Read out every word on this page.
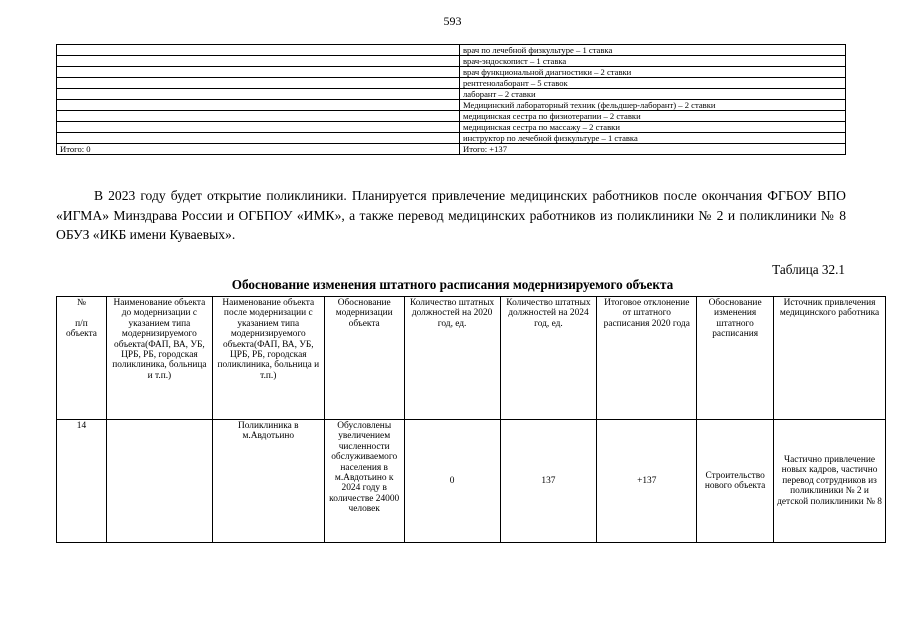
593
	врач по лечебной физкультуре – 1 ставка
	врач-эндоскопист – 1 ставка
	врач функциональной диагностики – 2 ставки
	рентгенолаборант – 5 ставок
	лаборант – 2 ставки
	Медицинский лабораторный техник (фельдшер-лаборант) – 2 ставки
	медицинская сестра по физиотерапии – 2 ставки
	медицинская сестра по массажу – 2 ставки
	инструктор по лечебной физкультуре – 1 ставка
Итого: 0	Итого: +137
В 2023 году будет открытие поликлиники. Планируется привлечение медицинских работников после окончания ФГБОУ ВПО «ИГМА» Минздрава России и ОГБПОУ «ИМК», а также перевод медицинских работников из поликлиники № 2 и поликлиники № 8 ОБУЗ «ИКБ имени Куваевых».
Таблица 32.1
Обоснование изменения штатного расписания модернизируемого объекта
№

п/п
объекта	Наименование объекта до модернизации с указанием типа модернизируемого объекта(ФАП, ВА, УБ, ЦРБ, РБ, городская поликлиника, больница и т.п.)	Наименование объекта после модернизации с указанием типа модернизируемого объекта(ФАП, ВА, УБ, ЦРБ, РБ, городская поликлиника, больница и т.п.)	Обоснование модернизации объекта	Количество штатных должностей на 2020 год, ед.	Количество штатных должностей на 2024 год, ед.	Итоговое отклонение от штатного расписания 2020 года	Обоснование изменения штатного расписания	Источник привлечения медицинского работника
14		Поликлиника в м.Авдотьино	Обусловлены увеличением численности обслуживаемого населения в м.Авдотьино к 2024 году в количестве 24000 человек	0	137	+137	Строительство нового объекта	Частично привлечение новых кадров, частично перевод сотрудников из поликлиники № 2 и детской поликлиники № 8
